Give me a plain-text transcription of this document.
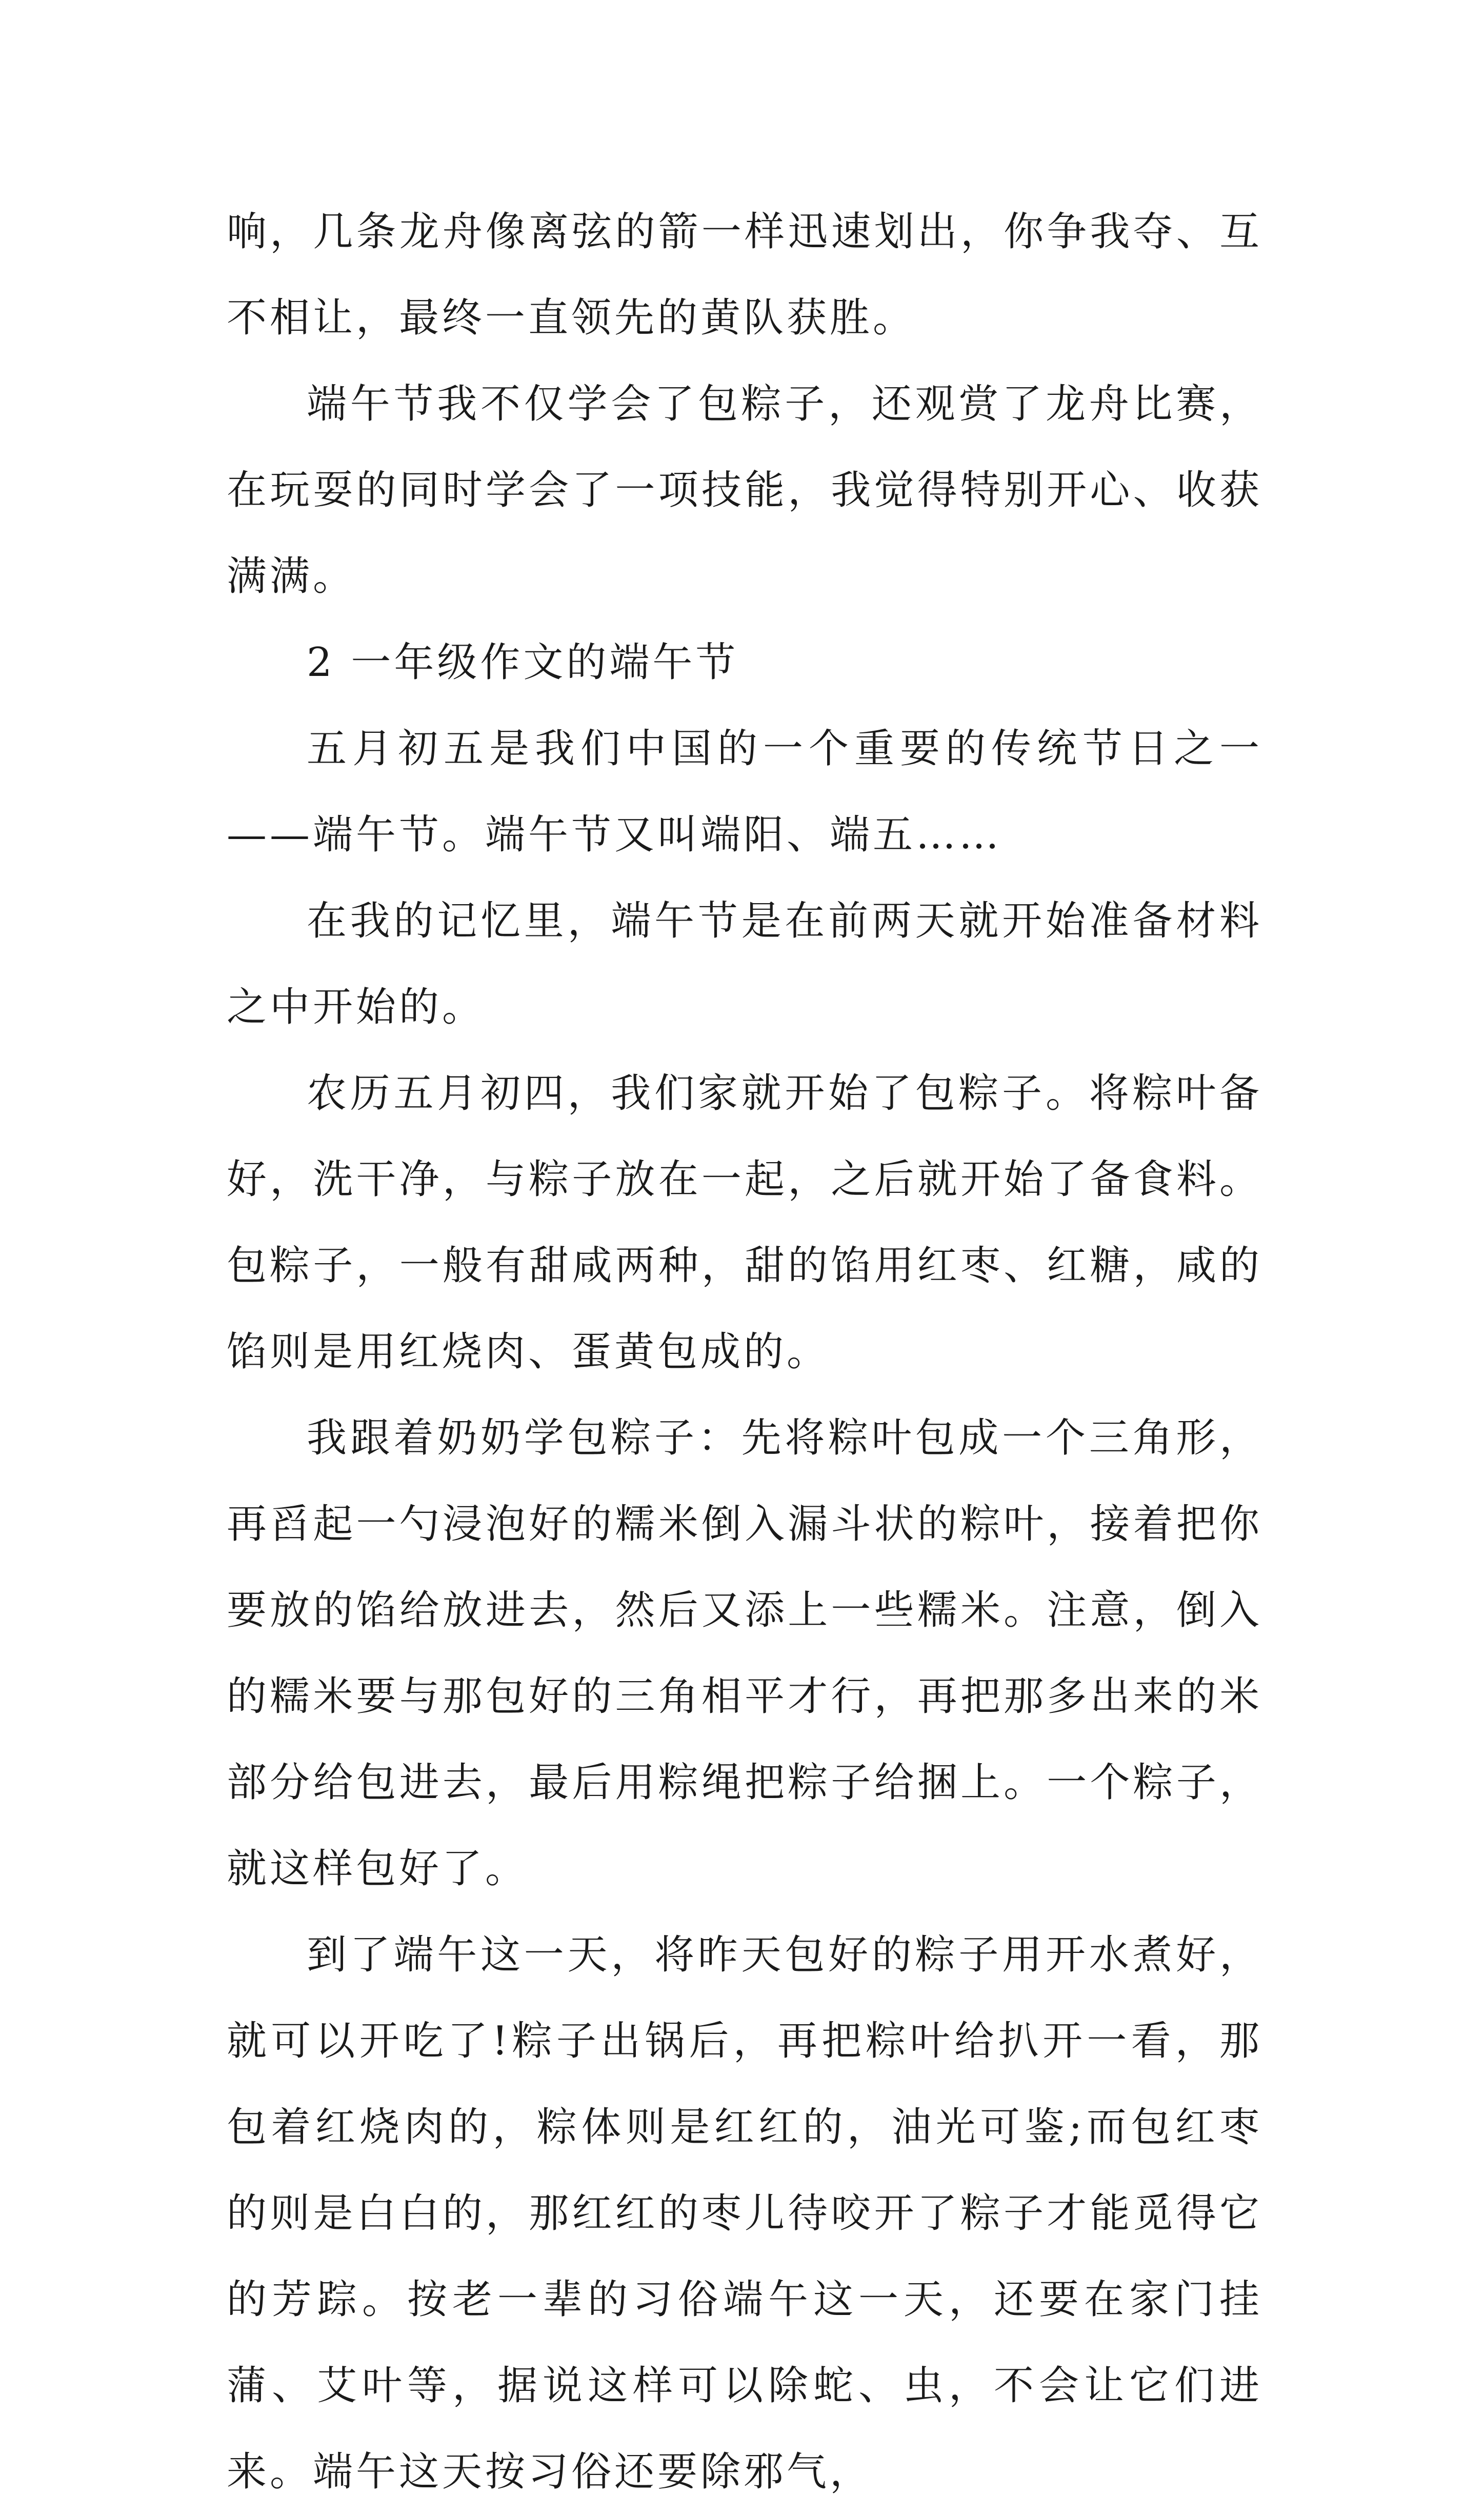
响，几条龙舟像离弦的箭一样迅速划出，你争我夺、互不相让，最终一直领先的黄队获胜。

端午节我不仅学会了包粽子，还观赏了龙舟比赛，在玩耍的同时学会了一项技能，我觉得特别开心、收获满满。

2 一年级作文的端午节

五月初五是我们中国的一个重要的传统节日之一——端午节。端午节又叫端阳、端五……

在我的记忆里，端午节是在前两天就开始准备材料之中开始的。

农历五月初四，我们家就开始了包粽子。将粽叶备好，洗干净，与粽子放在一起，之后就开始了备食料。包粽子，一般有甜咸两种，甜的馅用红枣、红糖，咸的馅则是用红烧肉、蛋黄包成的。

我跟着奶奶学包粽子：先将粽叶包成一个三角形，再舀起一勺浸泡好的糯米倒入漏斗状的粽叶，接着把你要放的馅给放进去，然后又添上一些糯米。注意，倒入的糯米要与那包好的三角相平才行，再把那多出来的米部分给包进去，最后用粽绳把粽子给捆上。一个粽子，就这样包好了。

到了端午这一天，将昨天包好的粽子用开水煮好，就可以开吃了!粽子出锅后，再把粽叶给扒开一看，那包着红烧肉的，粽体则是红红的，油光可鉴;而包红枣的则是白白的，那红红的枣儿待咬开了粽子才能觅得它的芳踪。按老一辈的习俗端午这一天，还要在家门挂蒲、艾叶等，据说这样可以除蛇、虫，不会让它们进来。端午这天按习俗还要除邪气，
